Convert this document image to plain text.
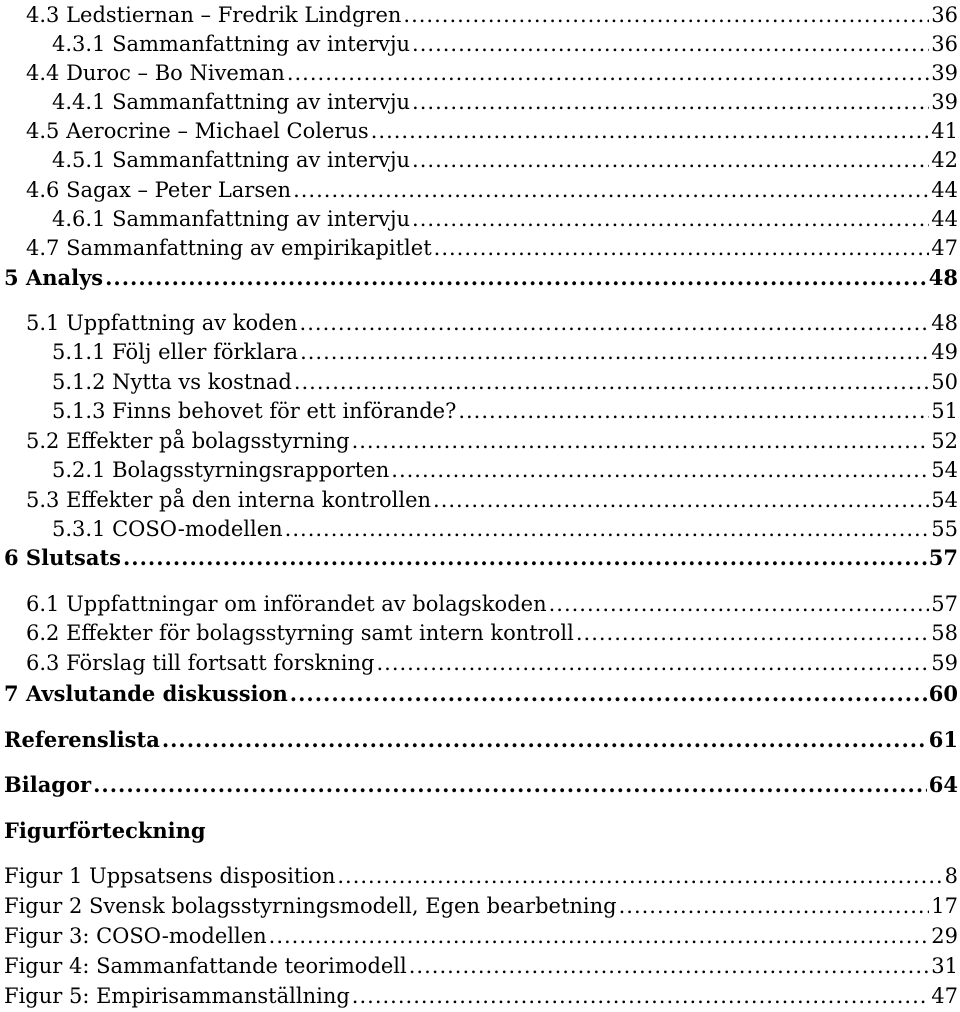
4.3 Ledstiernan – Fredrik Lindgren .....	36
4.3.1 Sammanfattning av intervju .....	36
4.4 Duroc – Bo Niveman .....	39
4.4.1 Sammanfattning av intervju .....	39
4.5 Aerocrine – Michael Colerus .....	41
4.5.1 Sammanfattning av intervju .....	42
4.6 Sagax – Peter Larsen .....	44
4.6.1 Sammanfattning av intervju .....	44
4.7 Sammanfattning av empirikapitlet .....	47
5 Analys .....	48
5.1 Uppfattning av koden .....	48
5.1.1 Följ eller förklara .....	49
5.1.2 Nytta vs kostnad .....	50
5.1.3 Finns behovet för ett införande? .....	51
5.2 Effekter på bolagsstyrning .....	52
5.2.1 Bolagsstyrningsrapporten .....	54
5.3 Effekter på den interna kontrollen .....	54
5.3.1 COSO-modellen .....	55
6 Slutsats .....	57
6.1 Uppfattningar om införandet av bolagskoden .....	57
6.2 Effekter för bolagsstyrning samt intern kontroll .....	58
6.3 Förslag till fortsatt forskning .....	59
7 Avslutande diskussion .....	60
Referenslista .....	61
Bilagor .....	64
Figurförteckning
Figur 1 Uppsatsens disposition .....	8
Figur 2 Svensk bolagsstyrningsmodell, Egen bearbetning .....	17
Figur 3: COSO-modellen .....	29
Figur 4: Sammanfattande teorimodell .....	31
Figur 5: Empirisammanställning .....	47
